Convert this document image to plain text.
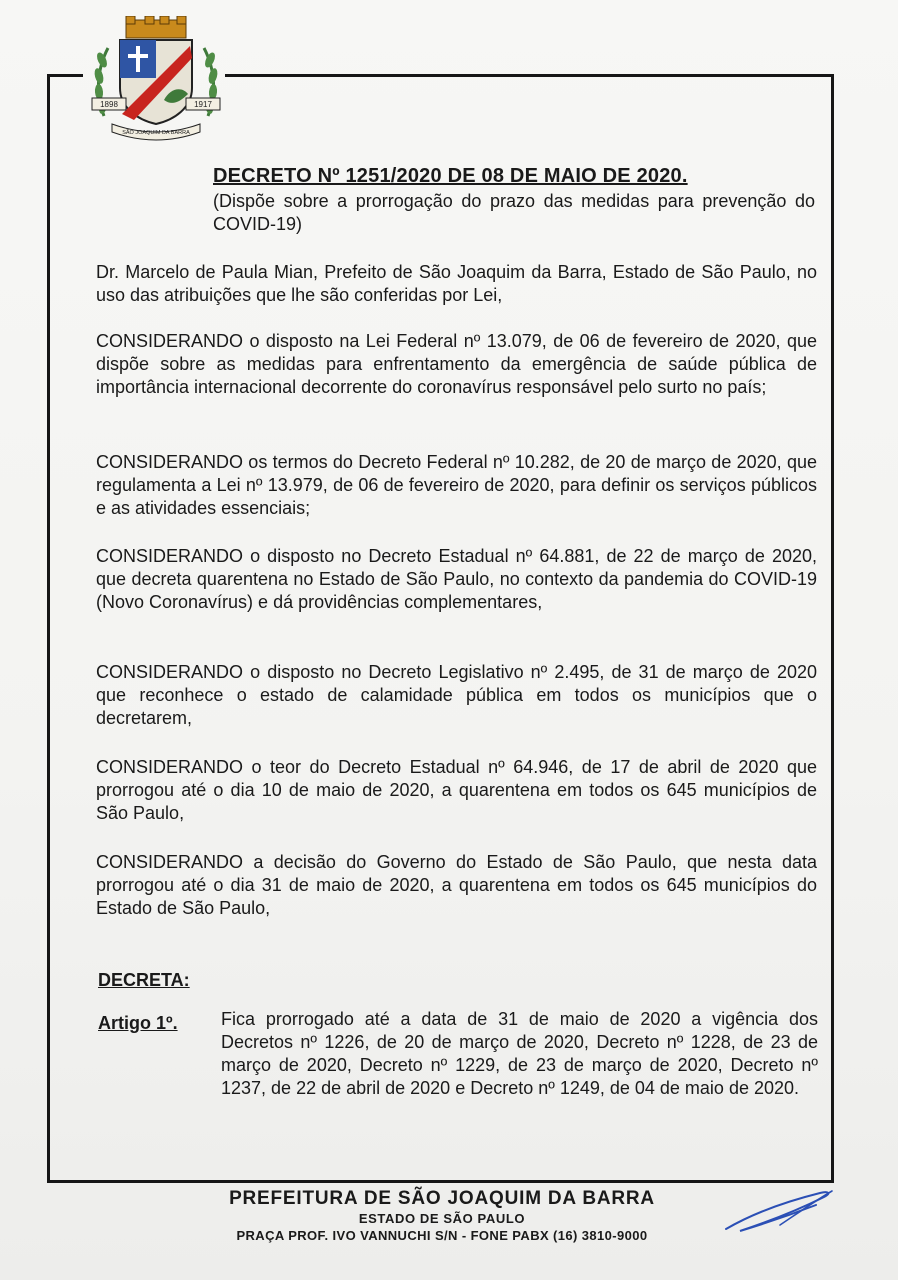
1898	1917
SÃO JOAQUIM DA BARRA
DECRETO Nº 1251/2020 DE 08 DE MAIO DE 2020.
(Dispõe sobre a prorrogação do prazo das medidas para prevenção do COVID-19)
Dr. Marcelo de Paula Mian, Prefeito de São Joaquim da Barra, Estado de São Paulo, no uso das atribuições que lhe são conferidas por Lei,
CONSIDERANDO o disposto na Lei Federal nº 13.079, de 06 de fevereiro de 2020, que dispõe sobre as medidas para enfrentamento da emergência de saúde pública de importância internacional decorrente do coronavírus responsável pelo surto no país;
CONSIDERANDO os termos do Decreto Federal nº 10.282, de 20 de março de 2020, que regulamenta a Lei nº 13.979, de 06 de fevereiro de 2020, para definir os serviços públicos e as atividades essenciais;
CONSIDERANDO o disposto no Decreto Estadual nº 64.881, de 22 de março de 2020, que decreta quarentena no Estado de São Paulo, no contexto da pandemia do COVID-19 (Novo Coronavírus) e dá providências complementares,
CONSIDERANDO o disposto no Decreto Legislativo nº 2.495, de 31 de março de 2020 que reconhece o estado de calamidade pública em todos os municípios que o decretarem,
CONSIDERANDO o teor do Decreto Estadual nº 64.946, de 17 de abril de 2020 que prorrogou até o dia 10 de maio de 2020, a quarentena em todos os 645 municípios de São Paulo,
CONSIDERANDO a decisão do Governo do Estado de São Paulo, que nesta data prorrogou até o dia 31 de maio de 2020, a quarentena em todos os 645 municípios do Estado de São Paulo,
DECRETA:
Artigo 1º. Fica prorrogado até a data de 31 de maio de 2020 a vigência dos Decretos nº 1226, de 20 de março de 2020, Decreto nº 1228, de 23 de março de 2020, Decreto nº 1229, de 23 de março de 2020, Decreto nº 1237, de 22 de abril de 2020 e Decreto nº 1249, de 04 de maio de 2020.
PREFEITURA DE SÃO JOAQUIM DA BARRA
ESTADO DE SÃO PAULO
PRAÇA PROF. IVO VANNUCHI S/N - FONE PABX (16) 3810-9000
